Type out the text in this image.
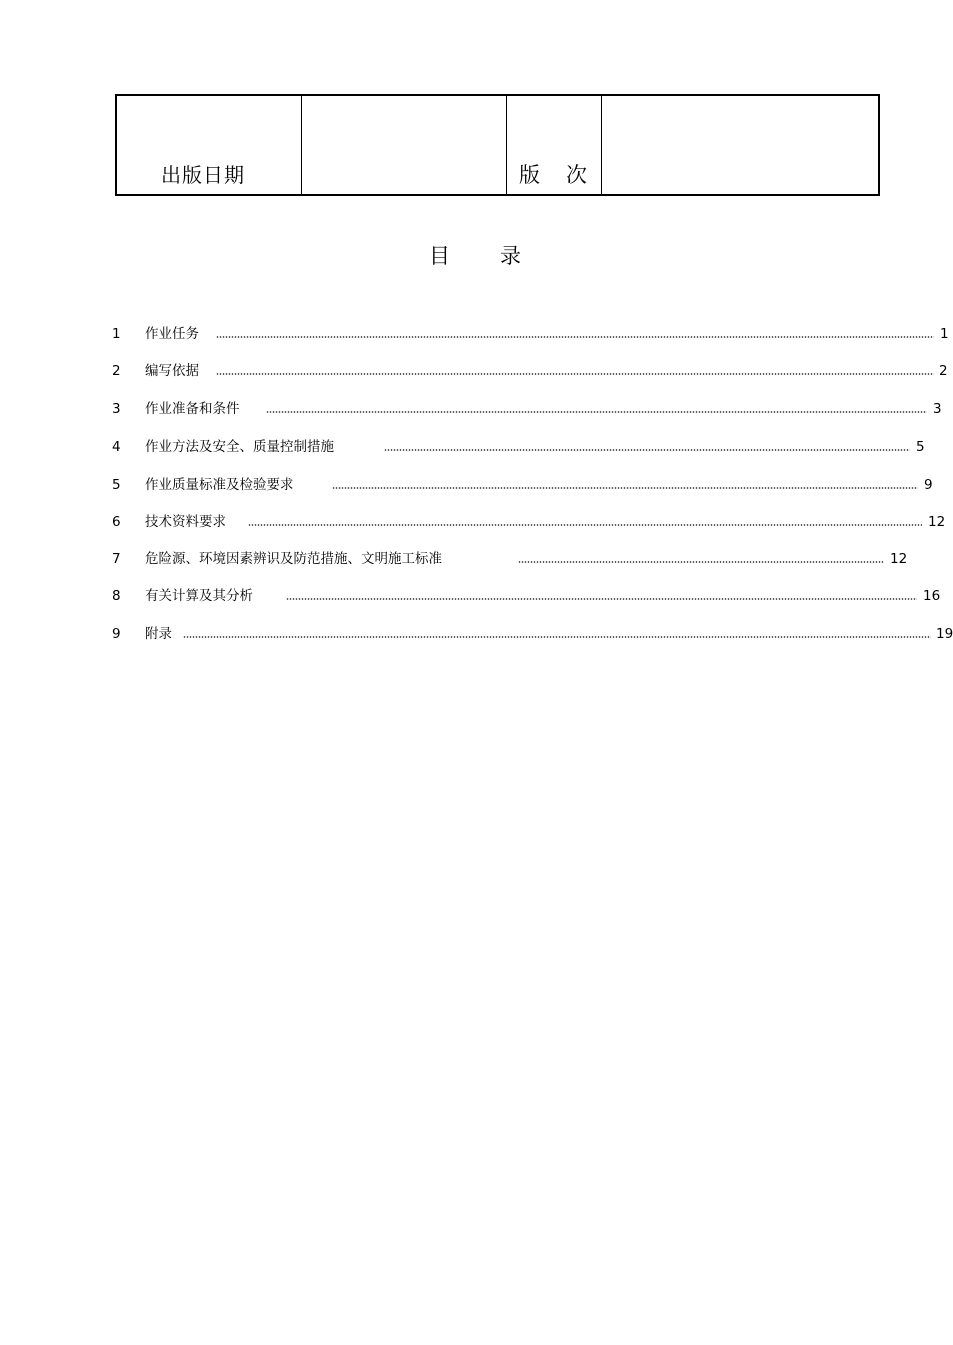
出版日期	版次
目录
1	作业任务	1
2	编写依据	2
3	作业准备和条件	3
4	作业方法及安全、质量控制措施	5
5	作业质量标准及检验要求	9
6	技术资料要求	12
7	危险源、环境因素辨识及防范措施、文明施工标准	12
8	有关计算及其分析	16
9	附录	19
